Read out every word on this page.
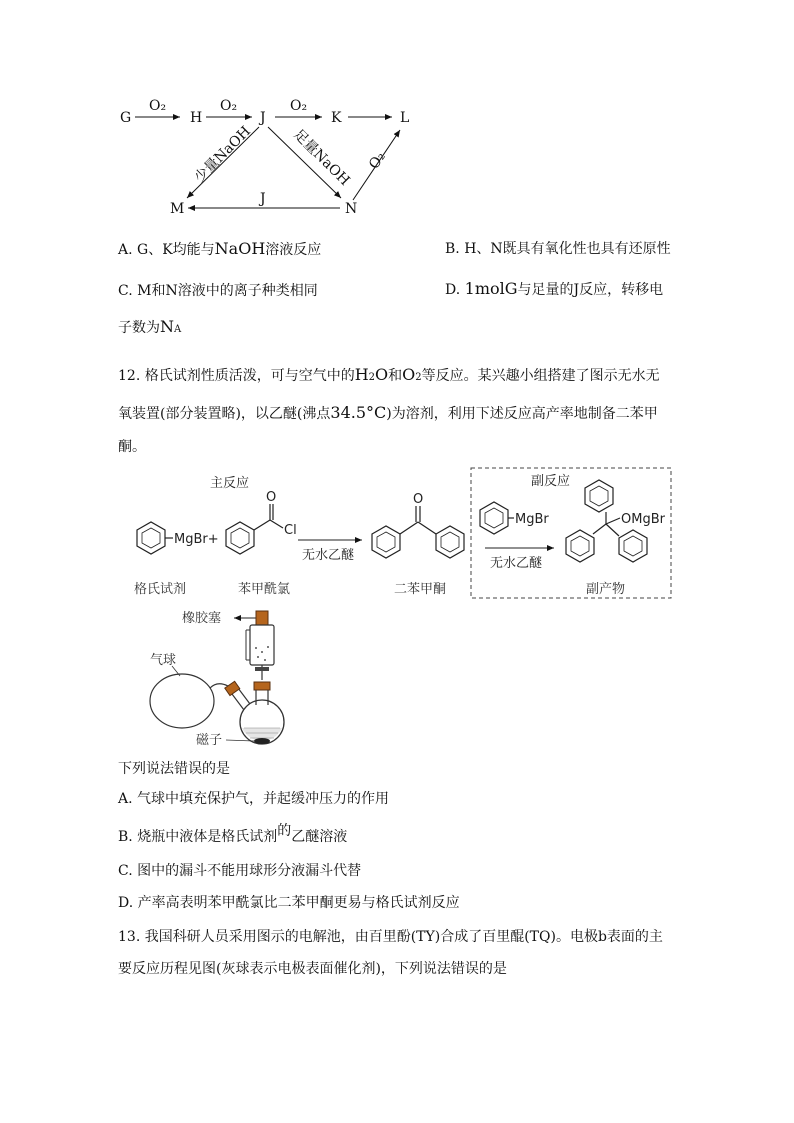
G
O₂
H
O₂
J
O₂
K	L
少量NaOH	足量NaOH O₂
M
J
N
主反应
MgBr+
O
Cl
无水乙醚
O
副反应
MgBr
无水乙醚
OMgBr
格氏试剂	苯甲酰氯	二苯甲酮	副产物
橡胶塞
气球
磁子
A. G、K均能与NaOH溶液反应	B. H、N既具有氧化性也具有还原性
C. M和N溶液中的离子种类相同	D. 1molG与足量的J反应，转移电
子数为NA
12. 格氏试剂性质活泼，可与空气中的H2O和O2等反应。某兴趣小组搭建了图示无水无
氧装置(部分装置略)，以乙醚(沸点34.5°C)为溶剂，利用下述反应高产率地制备二苯甲
酮。
下列说法错误的是
A. 气球中填充保护气，并起缓冲压力的作用
B. 烧瓶中液体是格氏试剂的乙醚溶液
C. 图中的漏斗不能用球形分液漏斗代替
D. 产率高表明苯甲酰氯比二苯甲酮更易与格氏试剂反应
13. 我国科研人员采用图示的电解池，由百里酚(TY)合成了百里醌(TQ)。电极b表面的主
要反应历程见图(灰球表示电极表面催化剂)，下列说法错误的是
